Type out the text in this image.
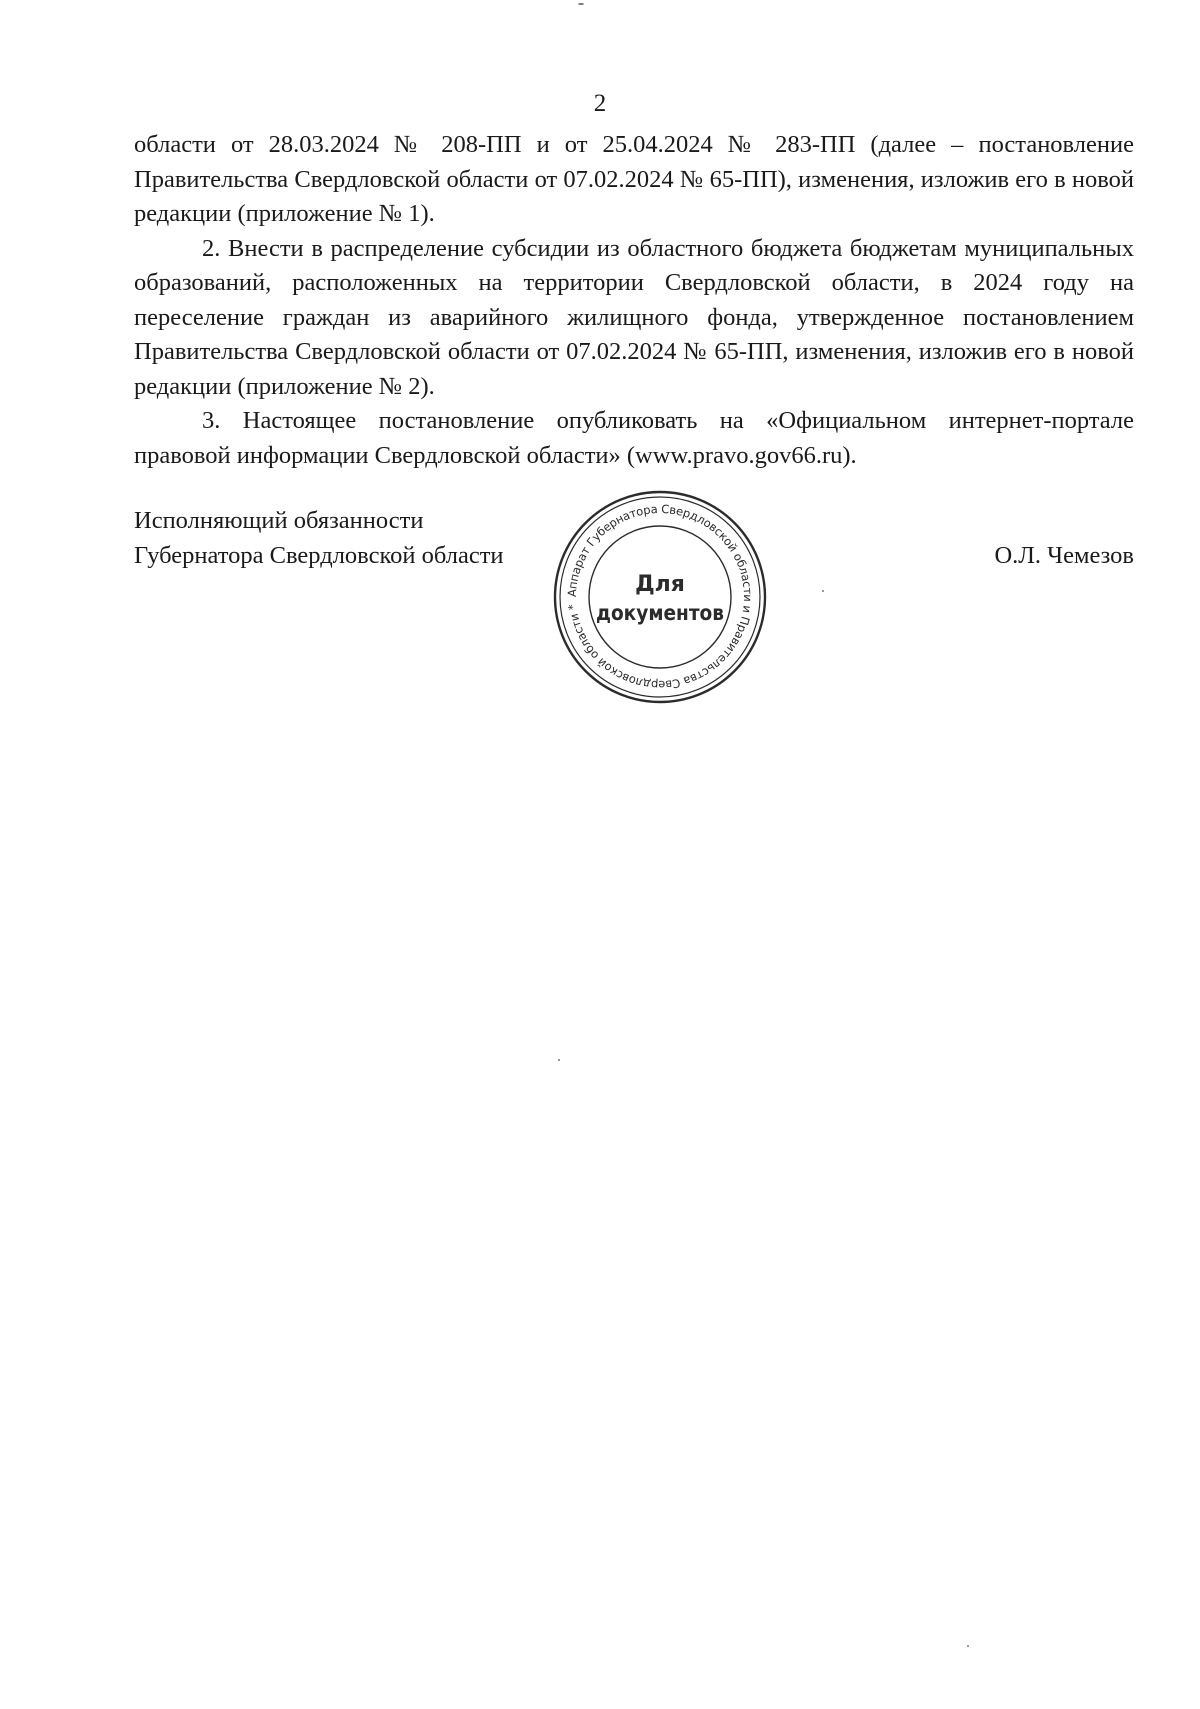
2

области от 28.03.2024 № 208-ПП и от 25.04.2024 № 283-ПП (далее – постановление Правительства Свердловской области от 07.02.2024 № 65-ПП), изменения, изложив его в новой редакции (приложение № 1).

2. Внести в распределение субсидии из областного бюджета бюджетам муниципальных образований, расположенных на территории Свердловской области, в 2024 году на переселение граждан из аварийного жилищного фонда, утвержденное постановлением Правительства Свердловской области от 07.02.2024 № 65-ПП, изменения, изложив его в новой редакции (приложение № 2).

3. Настоящее постановление опубликовать на «Официальном интернет-портале правовой информации Свердловской области» (www.pravo.gov66.ru).

Исполняющий обязанности
Губернатора Свердловской области	О.Л. Чемезов
Аппарат Губернатора Свердловской области и Правительства Свердловской области *
Для
документов
